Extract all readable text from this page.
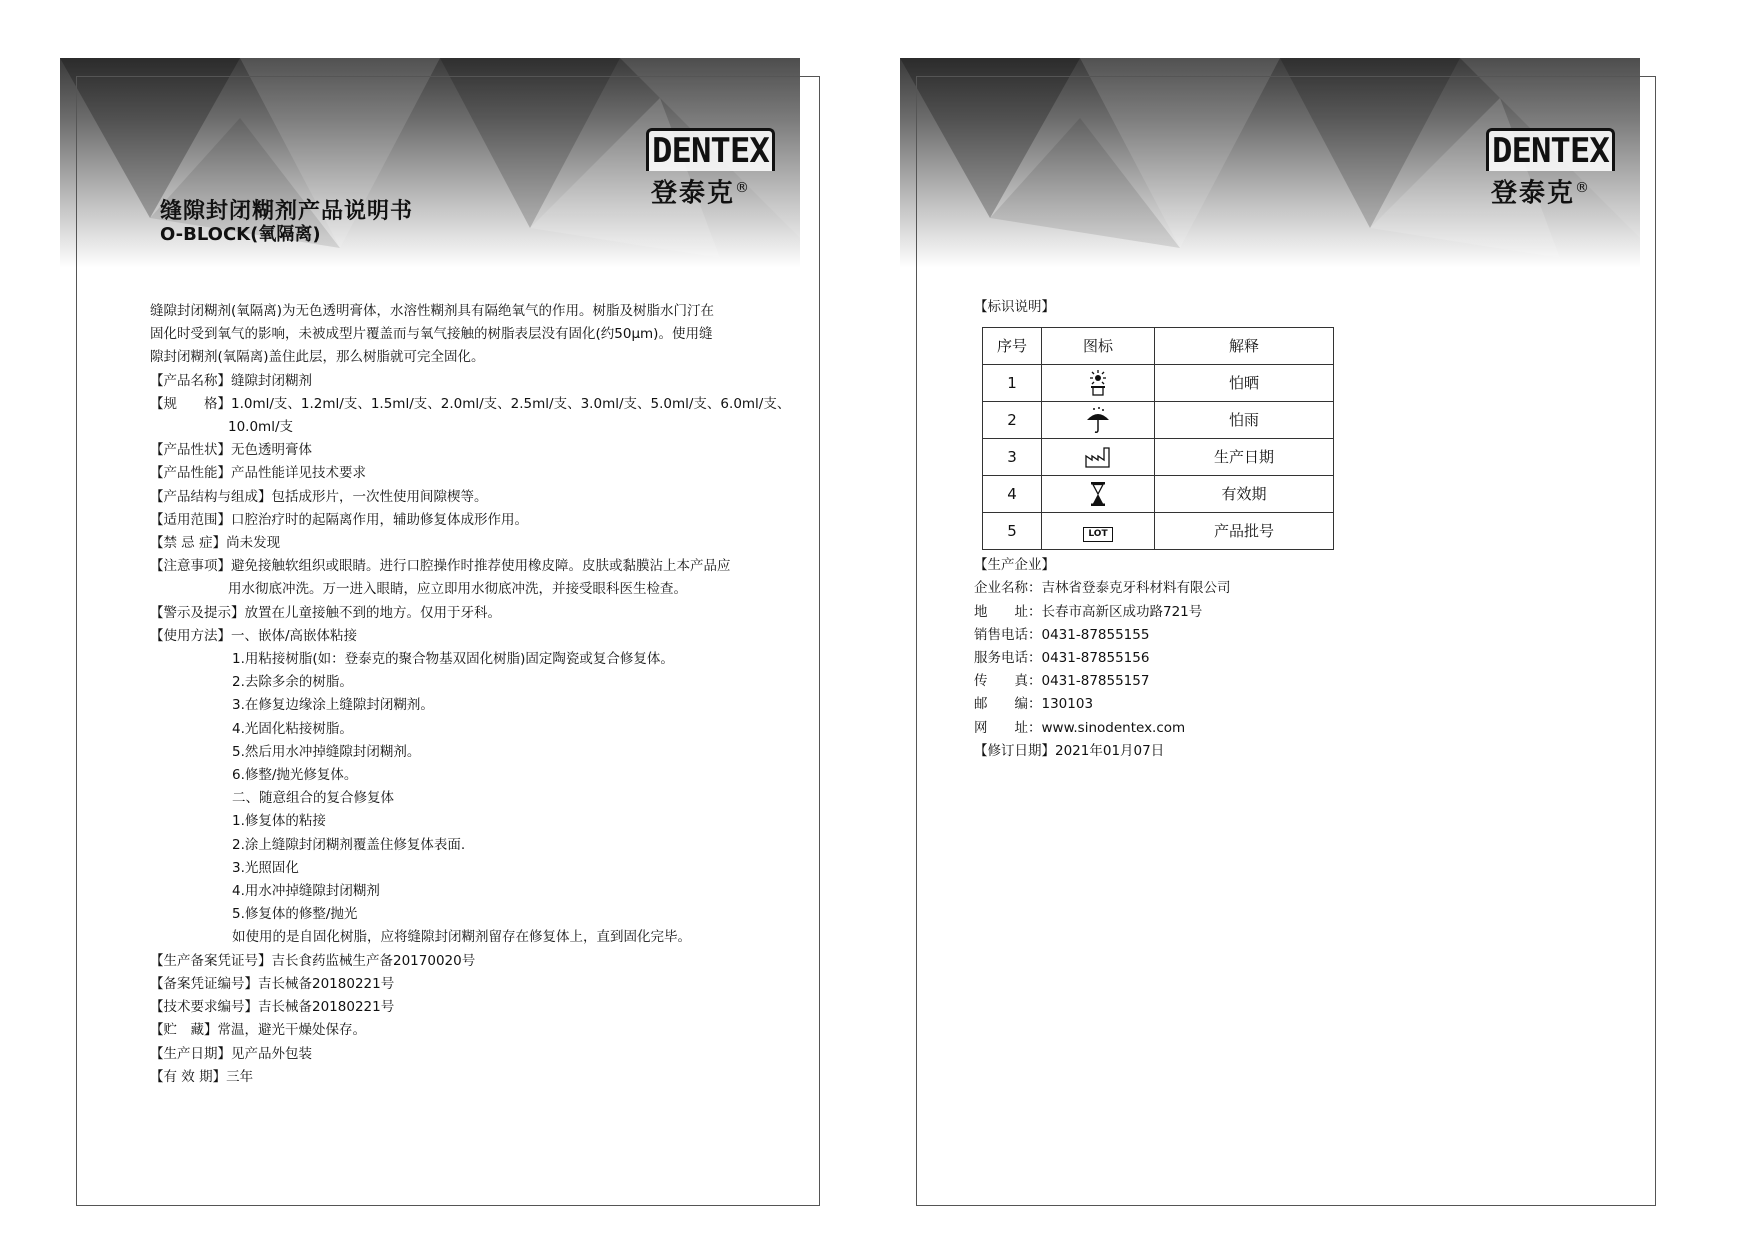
DENTEX
登泰克®
缝隙封闭糊剂产品说明书
O-BLOCK(氧隔离)
缝隙封闭糊剂(氧隔离)为无色透明膏体，水溶性糊剂具有隔绝氧气的作用。树脂及树脂水门汀在
固化时受到氧气的影响，未被成型片覆盖而与氧气接触的树脂表层没有固化(约50μm)。使用缝
隙封闭糊剂(氧隔离)盖住此层，那么树脂就可完全固化。
【产品名称】缝隙封闭糊剂
【规　　格】1.0ml/支、1.2ml/支、1.5ml/支、2.0ml/支、2.5ml/支、3.0ml/支、5.0ml/支、6.0ml/支、
10.0ml/支
【产品性状】无色透明膏体
【产品性能】产品性能详见技术要求
【产品结构与组成】包括成形片，一次性使用间隙楔等。
【适用范围】口腔治疗时的起隔离作用，辅助修复体成形作用。
【禁 忌 症】尚未发现
【注意事项】避免接触软组织或眼睛。进行口腔操作时推荐使用橡皮障。皮肤或黏膜沾上本产品应
用水彻底冲洗。万一进入眼睛，应立即用水彻底冲洗，并接受眼科医生检查。
【警示及提示】放置在儿童接触不到的地方。仅用于牙科。
【使用方法】一、嵌体/高嵌体粘接
1.用粘接树脂(如：登泰克的聚合物基双固化树脂)固定陶瓷或复合修复体。
2.去除多余的树脂。
3.在修复边缘涂上缝隙封闭糊剂。
4.光固化粘接树脂。
5.然后用水冲掉缝隙封闭糊剂。
6.修整/抛光修复体。
二、随意组合的复合修复体
1.修复体的粘接
2.涂上缝隙封闭糊剂覆盖住修复体表面.
3.光照固化
4.用水冲掉缝隙封闭糊剂
5.修复体的修整/抛光
如使用的是自固化树脂，应将缝隙封闭糊剂留存在修复体上，直到固化完毕。
【生产备案凭证号】吉长食药监械生产备20170020号
【备案凭证编号】吉长械备20180221号
【技术要求编号】吉长械备20180221号
【贮　藏】常温，避光干燥处保存。
【生产日期】见产品外包装
【有 效 期】三年
DENTEX
登泰克®
【标识说明】
序号	图标	解释
1		怕晒
2		怕雨
3		生产日期
4		有效期
5	LOT	产品批号
【生产企业】
企业名称：吉林省登泰克牙科材料有限公司
地　　址：长春市高新区成功路721号
销售电话：0431-87855155
服务电话：0431-87855156
传　　真：0431-87855157
邮　　编：130103
网　　址：www.sinodentex.com
【修订日期】2021年01月07日
